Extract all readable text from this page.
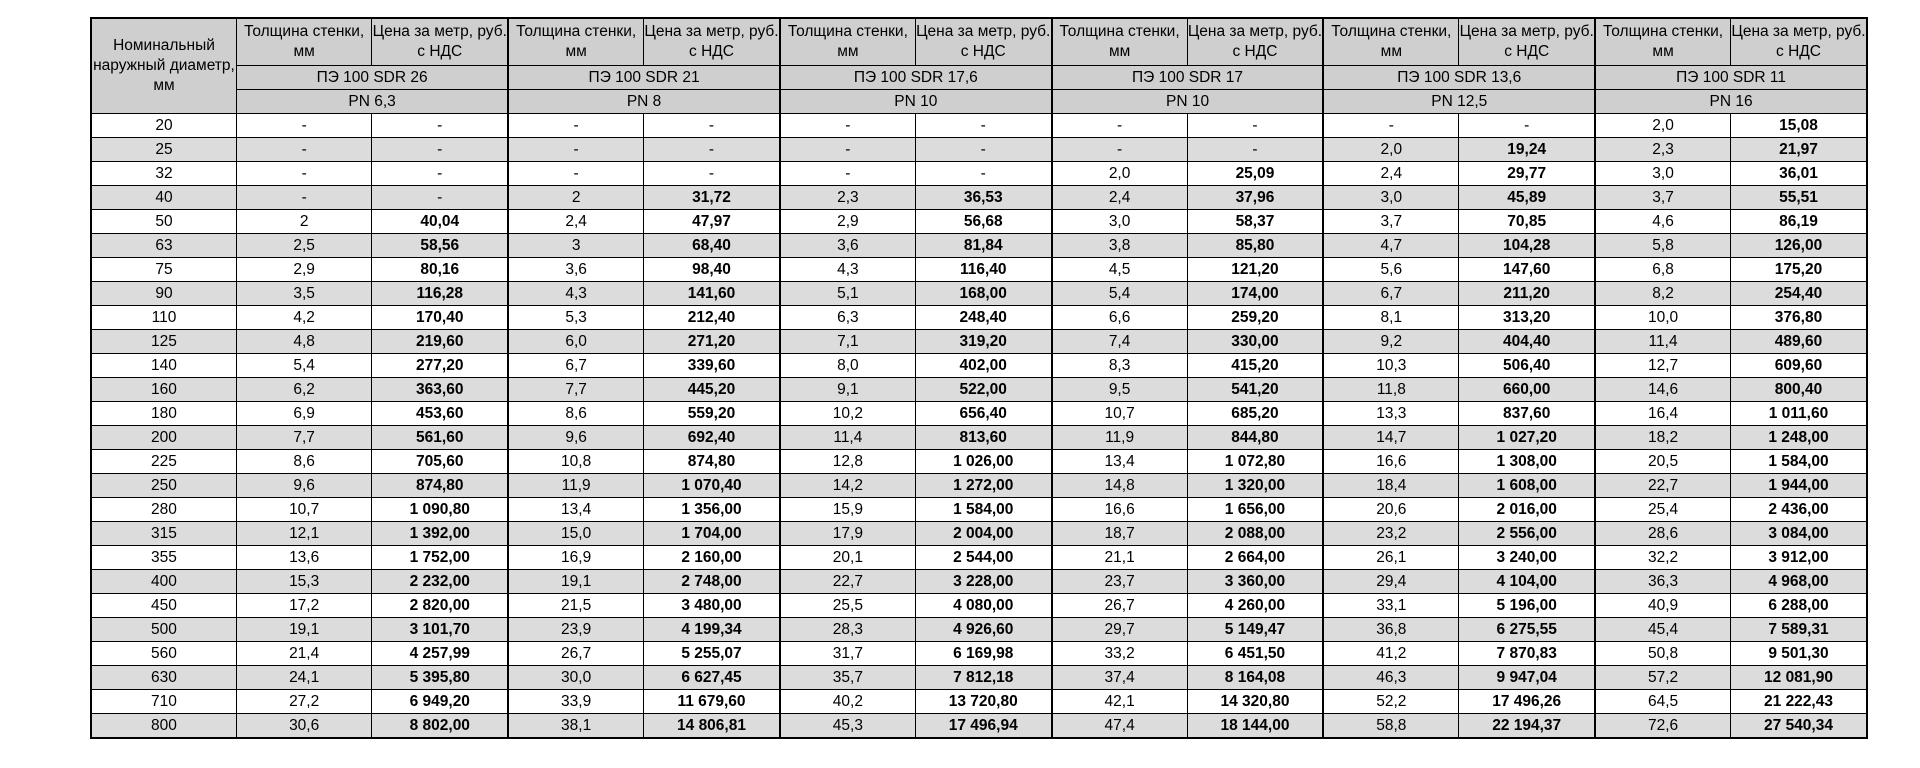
Номинальный наружный диаметр, мм	Толщина стенки, мм	Цена за метр, руб. с НДС	Толщина стенки, мм	Цена за метр, руб. с НДС	Толщина стенки, мм	Цена за метр, руб. с НДС	Толщина стенки, мм	Цена за метр, руб. с НДС	Толщина стенки, мм	Цена за метр, руб. с НДС	Толщина стенки, мм	Цена за метр, руб. с НДС
	ПЭ 100 SDR 26		ПЭ 100 SDR 21		ПЭ 100 SDR 17,6		ПЭ 100 SDR 17		ПЭ 100 SDR 13,6		ПЭ 100 SDR 11	
	PN 6,3		PN 8		PN 10		PN 10		PN 12,5		PN 16	
20	-	-	-	-	-	-	-	-	-	-	2,0	15,08
25	-	-	-	-	-	-	-	-	2,0	19,24	2,3	21,97
32	-	-	-	-	-	-	2,0	25,09	2,4	29,77	3,0	36,01
40	-	-	2	31,72	2,3	36,53	2,4	37,96	3,0	45,89	3,7	55,51
50	2	40,04	2,4	47,97	2,9	56,68	3,0	58,37	3,7	70,85	4,6	86,19
63	2,5	58,56	3	68,40	3,6	81,84	3,8	85,80	4,7	104,28	5,8	126,00
75	2,9	80,16	3,6	98,40	4,3	116,40	4,5	121,20	5,6	147,60	6,8	175,20
90	3,5	116,28	4,3	141,60	5,1	168,00	5,4	174,00	6,7	211,20	8,2	254,40
110	4,2	170,40	5,3	212,40	6,3	248,40	6,6	259,20	8,1	313,20	10,0	376,80
125	4,8	219,60	6,0	271,20	7,1	319,20	7,4	330,00	9,2	404,40	11,4	489,60
140	5,4	277,20	6,7	339,60	8,0	402,00	8,3	415,20	10,3	506,40	12,7	609,60
160	6,2	363,60	7,7	445,20	9,1	522,00	9,5	541,20	11,8	660,00	14,6	800,40
180	6,9	453,60	8,6	559,20	10,2	656,40	10,7	685,20	13,3	837,60	16,4	1 011,60
200	7,7	561,60	9,6	692,40	11,4	813,60	11,9	844,80	14,7	1 027,20	18,2	1 248,00
225	8,6	705,60	10,8	874,80	12,8	1 026,00	13,4	1 072,80	16,6	1 308,00	20,5	1 584,00
250	9,6	874,80	11,9	1 070,40	14,2	1 272,00	14,8	1 320,00	18,4	1 608,00	22,7	1 944,00
280	10,7	1 090,80	13,4	1 356,00	15,9	1 584,00	16,6	1 656,00	20,6	2 016,00	25,4	2 436,00
315	12,1	1 392,00	15,0	1 704,00	17,9	2 004,00	18,7	2 088,00	23,2	2 556,00	28,6	3 084,00
355	13,6	1 752,00	16,9	2 160,00	20,1	2 544,00	21,1	2 664,00	26,1	3 240,00	32,2	3 912,00
400	15,3	2 232,00	19,1	2 748,00	22,7	3 228,00	23,7	3 360,00	29,4	4 104,00	36,3	4 968,00
450	17,2	2 820,00	21,5	3 480,00	25,5	4 080,00	26,7	4 260,00	33,1	5 196,00	40,9	6 288,00
500	19,1	3 101,70	23,9	4 199,34	28,3	4 926,60	29,7	5 149,47	36,8	6 275,55	45,4	7 589,31
560	21,4	4 257,99	26,7	5 255,07	31,7	6 169,98	33,2	6 451,50	41,2	7 870,83	50,8	9 501,30
630	24,1	5 395,80	30,0	6 627,45	35,7	7 812,18	37,4	8 164,08	46,3	9 947,04	57,2	12 081,90
710	27,2	6 949,20	33,9	11 679,60	40,2	13 720,80	42,1	14 320,80	52,2	17 496,26	64,5	21 222,43
800	30,6	8 802,00	38,1	14 806,81	45,3	17 496,94	47,4	18 144,00	58,8	22 194,37	72,6	27 540,34
